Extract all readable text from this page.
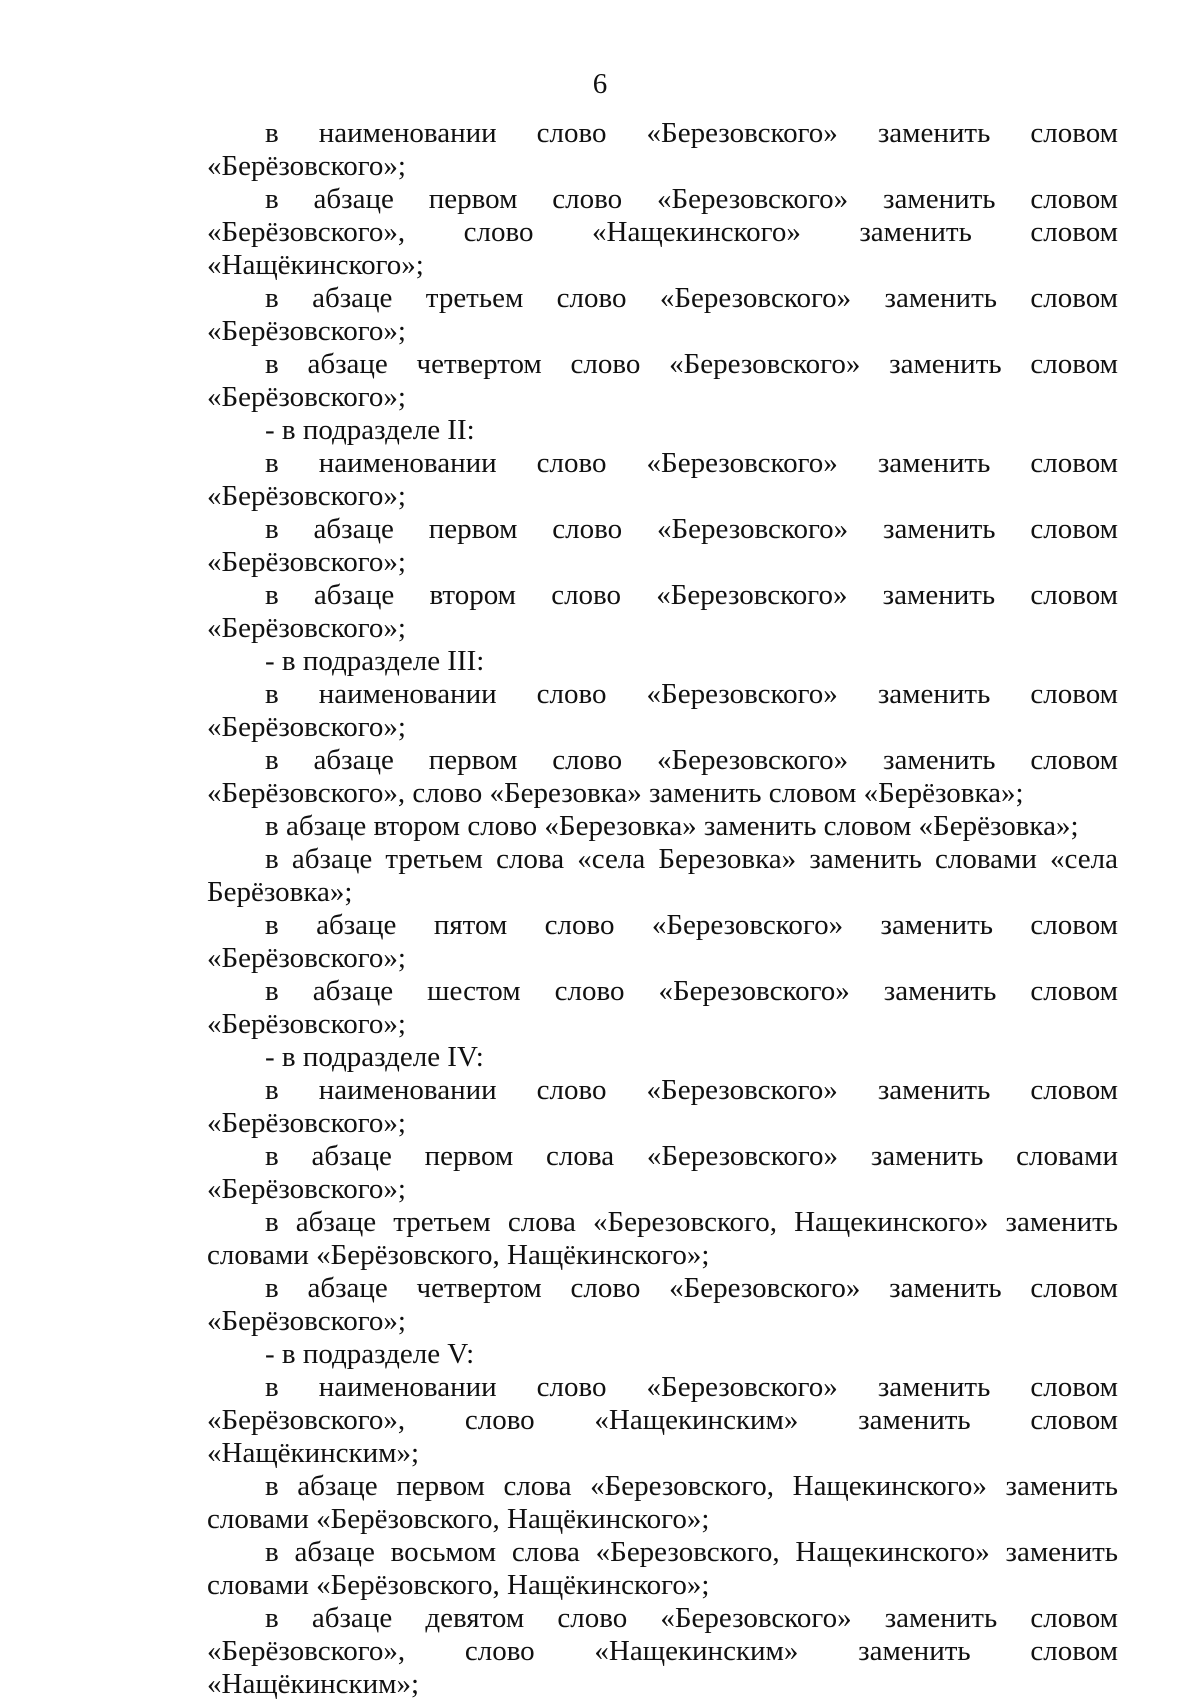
6

в наименовании слово «Березовского» заменить словом «Берёзовского»;

в абзаце первом слово «Березовского» заменить словом «Берёзовского», слово «Нащекинского» заменить словом «Нащёкинского»;

в абзаце третьем слово «Березовского» заменить словом «Берёзовского»;

в абзаце четвертом слово «Березовского» заменить словом «Берёзовского»;

- в подразделе II:

в наименовании слово «Березовского» заменить словом «Берёзовского»;

в абзаце первом слово «Березовского» заменить словом «Берёзовского»;

в абзаце втором слово «Березовского» заменить словом «Берёзовского»;

- в подразделе III:

в наименовании слово «Березовского» заменить словом «Берёзовского»;

в абзаце первом слово «Березовского» заменить словом «Берёзовского», слово «Березовка» заменить словом «Берёзовка»;

в абзаце втором слово «Березовка» заменить словом «Берёзовка»;

в абзаце третьем слова «села Березовка» заменить словами «села Берёзовка»;

в абзаце пятом слово «Березовского» заменить словом «Берёзовского»;

в абзаце шестом слово «Березовского» заменить словом «Берёзовского»;

- в подразделе IV:

в наименовании слово «Березовского» заменить словом «Берёзовского»;

в абзаце первом слова «Березовского» заменить словами «Берёзовского»;

в абзаце третьем слова «Березовского, Нащекинского» заменить словами «Берёзовского, Нащёкинского»;

в абзаце четвертом слово «Березовского» заменить словом «Берёзовского»;

- в подразделе V:

в наименовании слово «Березовского» заменить словом «Берёзовского», слово «Нащекинским» заменить словом «Нащёкинским»;

в абзаце первом слова «Березовского, Нащекинского» заменить словами «Берёзовского, Нащёкинского»;

в абзаце восьмом слова «Березовского, Нащекинского» заменить словами «Берёзовского, Нащёкинского»;

в абзаце девятом слово «Березовского» заменить словом «Берёзовского», слово «Нащекинским» заменить словом «Нащёкинским»;
